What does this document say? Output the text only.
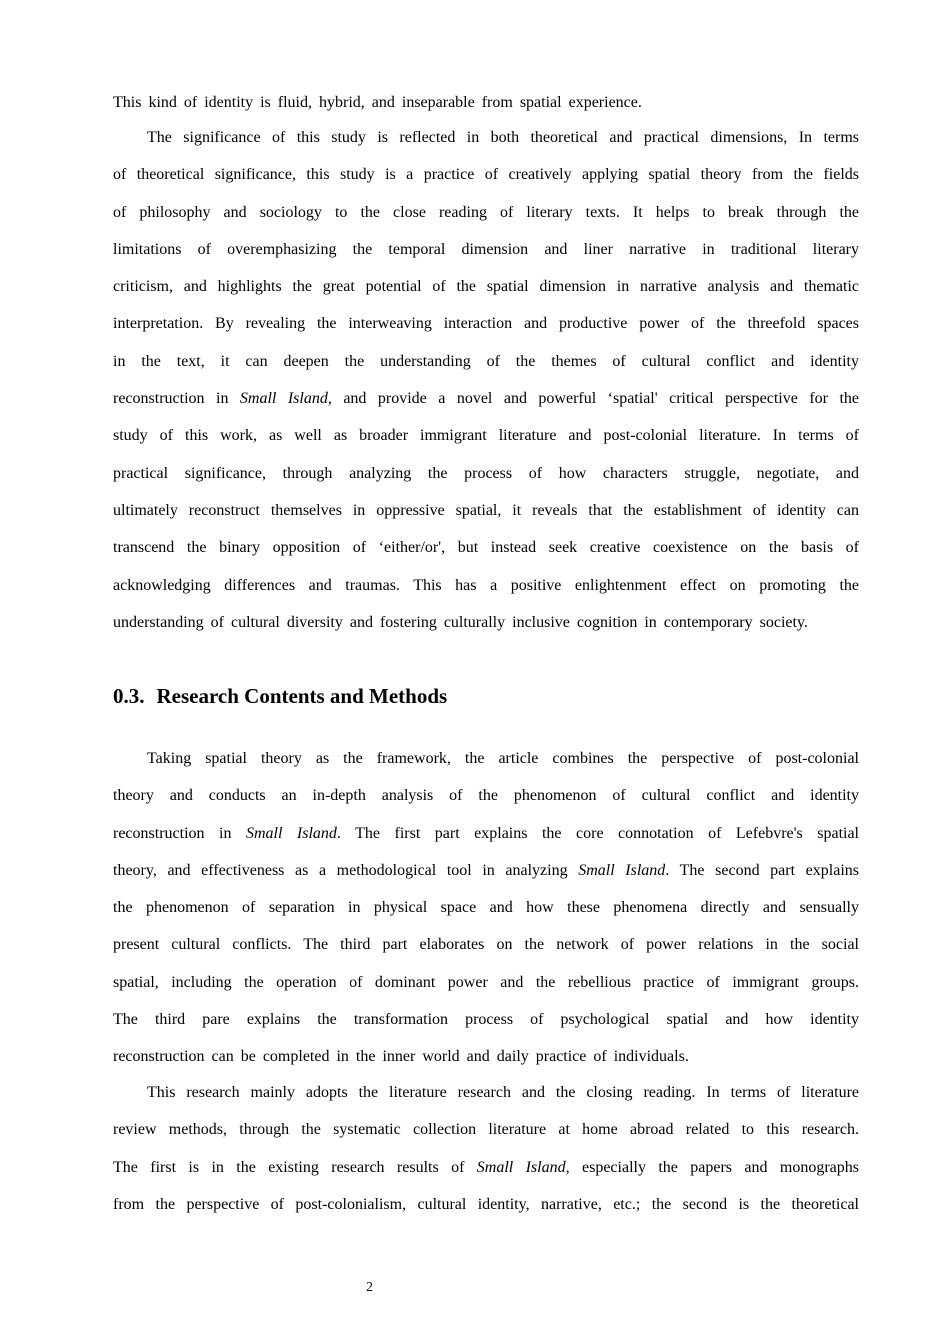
This kind of identity is fluid, hybrid, and inseparable from spatial experience.
The significance of this study is reflected in both theoretical and practical dimensions, In terms
of theoretical significance, this study is a practice of creatively applying spatial theory from the fields
of philosophy and sociology to the close reading of literary texts. It helps to break through the
limitations of overemphasizing the temporal dimension and liner narrative in traditional literary
criticism, and highlights the great potential of the spatial dimension in narrative analysis and thematic
interpretation. By revealing the interweaving interaction and productive power of the threefold spaces
in the text, it can deepen the understanding of the themes of cultural conflict and identity
reconstruction in Small Island, and provide a novel and powerful ‘spatial' critical perspective for the
study of this work, as well as broader immigrant literature and post-colonial literature. In terms of
practical significance, through analyzing the process of how characters struggle, negotiate, and
ultimately reconstruct themselves in oppressive spatial, it reveals that the establishment of identity can
transcend the binary opposition of ‘either/or', but instead seek creative coexistence on the basis of
acknowledging differences and traumas. This has a positive enlightenment effect on promoting the
understanding of cultural diversity and fostering culturally inclusive cognition in contemporary society.
0.3. Research Contents and Methods
Taking spatial theory as the framework, the article combines the perspective of post-colonial
theory and conducts an in-depth analysis of the phenomenon of cultural conflict and identity
reconstruction in Small Island. The first part explains the core connotation of Lefebvre's spatial
theory, and effectiveness as a methodological tool in analyzing Small Island. The second part explains
the phenomenon of separation in physical space and how these phenomena directly and sensually
present cultural conflicts. The third part elaborates on the network of power relations in the social
spatial, including the operation of dominant power and the rebellious practice of immigrant groups.
The third pare explains the transformation process of psychological spatial and how identity
reconstruction can be completed in the inner world and daily practice of individuals.
This research mainly adopts the literature research and the closing reading. In terms of literature
review methods, through the systematic collection literature at home abroad related to this research.
The first is in the existing research results of Small Island, especially the papers and monographs
from the perspective of post-colonialism, cultural identity, narrative, etc.; the second is the theoretical
2
